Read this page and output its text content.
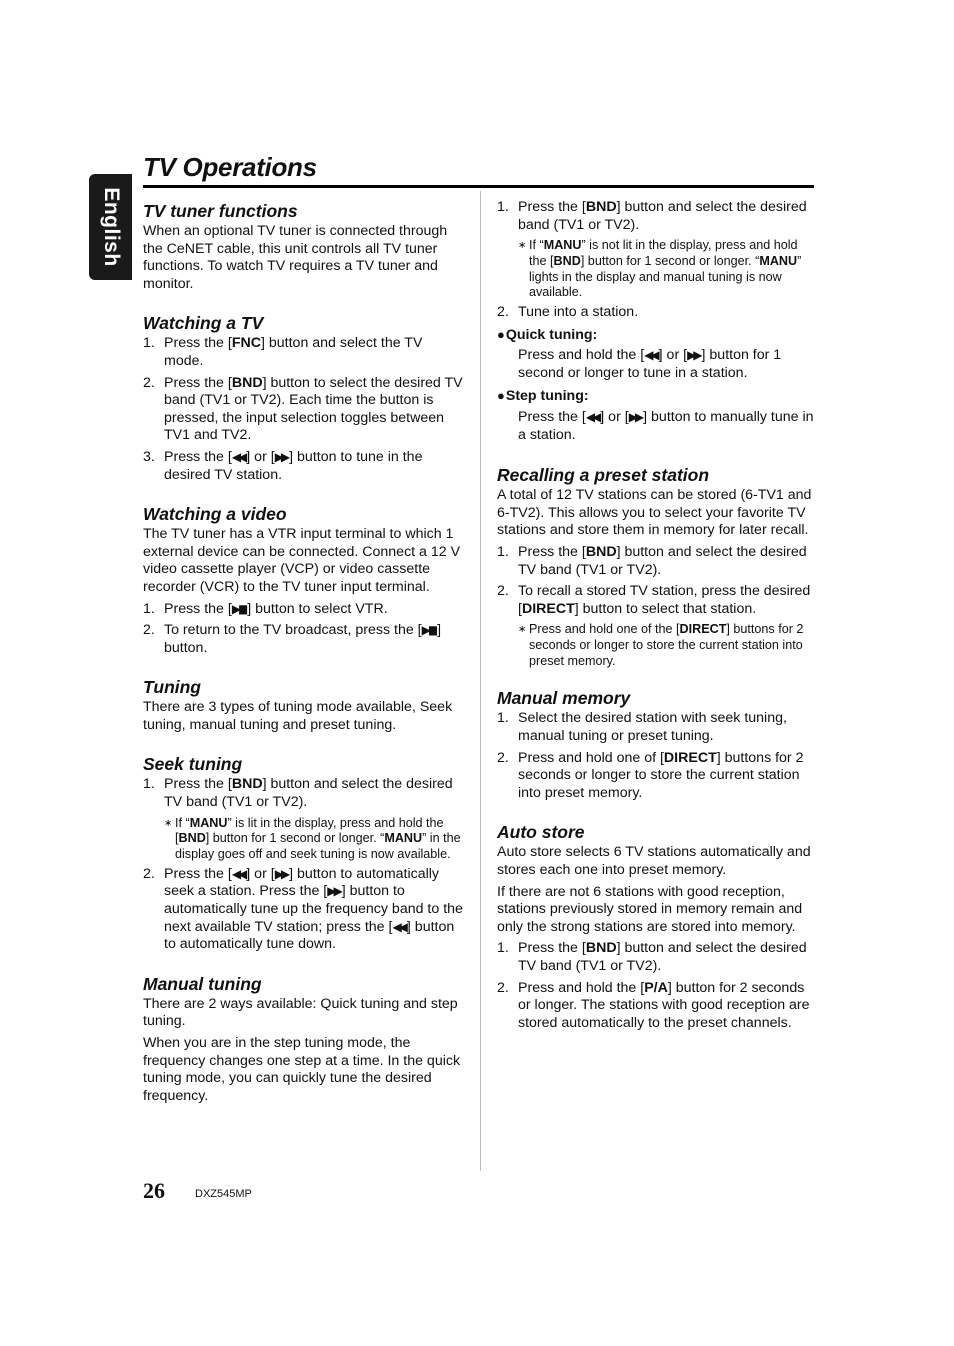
English
TV Operations
TV tuner functions

When an optional TV tuner is connected through the CeNET cable, this unit controls all TV tuner functions. To watch TV requires a TV tuner and monitor.

Watching a TV
1. Press the [FNC] button and select the TV mode.
2. Press the [BND] button to select the desired TV band (TV1 or TV2). Each time the button is pressed, the input selection toggles between TV1 and TV2.
3. Press the [◀◀ ] or [▶▶ ] button to tune in the desired TV station.
Watching a video

The TV tuner has a VTR input terminal to which 1 external device can be connected. Connect a 12 V video cassette player (VCP) or video cassette recorder (VCR) to the TV tuner input terminal.

1. Press the [▶▮▮ ] button to select VTR.
2. To return to the TV broadcast, press the [▶▮▮ ] button.
Tuning

There are 3 types of tuning mode available, Seek tuning, manual tuning and preset tuning.

Seek tuning
1. Press the [BND] button and select the desired TV band (TV1 or TV2).
∗ If “MANU” is lit in the display, press and hold the [BND] button for 1 second or longer. “MANU” in the display goes off and seek tuning is now available.
2. Press the [◀◀ ] or [▶▶ ] button to automatically seek a station. Press the [▶▶ ] button to automatically tune up the frequency band to the next available TV station; press the [◀◀ ] button to automatically tune down.
Manual tuning

There are 2 ways available: Quick tuning and step tuning.

When you are in the step tuning mode, the frequency changes one step at a time. In the quick tuning mode, you can quickly tune the desired frequency.

1. Press the [BND] button and select the desired band (TV1 or TV2).
∗ If “MANU” is not lit in the display, press and hold the [BND] button for 1 second or longer. “MANU” lights in the display and manual tuning is now available.
2. Tune into a station.
●Quick tuning:

Press and hold the [◀◀ ] or [▶▶ ] button for 1 second or longer to tune in a station.

●Step tuning:

Press the [◀◀ ] or [▶▶ ] button to manually tune in a station.

Recalling a preset station

A total of 12 TV stations can be stored (6-TV1 and 6-TV2). This allows you to select your favorite TV stations and store them in memory for later recall.

1. Press the [BND] button and select the desired TV band (TV1 or TV2).
2. To recall a stored TV station, press the desired [DIRECT] button to select that station.
∗ Press and hold one of the [DIRECT] buttons for 2 seconds or longer to store the current station into preset memory.
Manual memory
1. Select the desired station with seek tuning, manual tuning or preset tuning.
2. Press and hold one of [DIRECT] buttons for 2 seconds or longer to store the current station into preset memory.
Auto store

Auto store selects 6 TV stations automatically and stores each one into preset memory.

If there are not 6 stations with good reception, stations previously stored in memory remain and only the strong stations are stored into memory.

1. Press the [BND] button and select the desired TV band (TV1 or TV2).
2. Press and hold the [P/A] button for 2 seconds or longer. The stations with good reception are stored automatically to the preset channels.
26	DXZ545MP
